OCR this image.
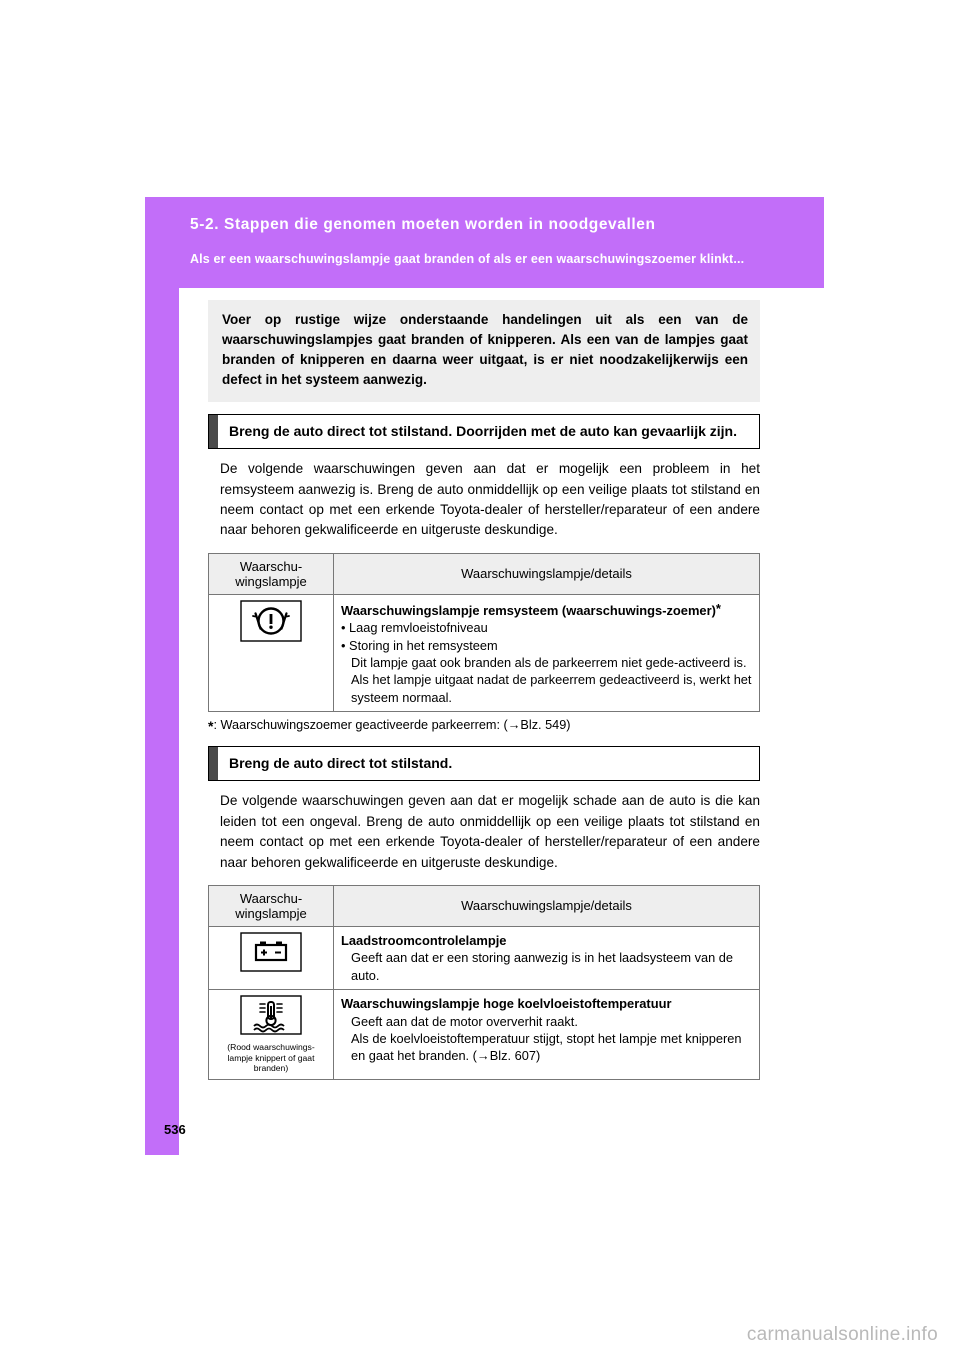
5-2. Stappen die genomen moeten worden in noodgevallen
Als er een waarschuwingslampje gaat branden of als er een waarschuwingszoemer klinkt...

Voer op rustige wijze onderstaande handelingen uit als een van de waarschuwingslampjes gaat branden of knipperen. Als een van de lampjes gaat branden of knipperen en daarna weer uitgaat, is er niet noodzakelijkerwijs een defect in het systeem aanwezig.

Breng de auto direct tot stilstand. Doorrijden met de auto kan gevaarlijk zijn.

De volgende waarschuwingen geven aan dat er mogelijk een probleem in het remsysteem aanwezig is. Breng de auto onmiddellijk op een veilige plaats tot stilstand en neem contact op met een erkende Toyota-dealer of hersteller/reparateur of een andere naar behoren gekwalificeerde en uitgeruste deskundige.
Waarschu-
wingslampje	Waarschuwingslampje/details

Waarschuwingslampje remsysteem (waarschuwings-zoemer)*
• Laag remvloeistofniveau
• Storing in het remsysteem
Dit lampje gaat ook branden als de parkeerrem niet gede-activeerd is. Als het lampje uitgaat nadat de parkeerrem gedeactiveerd is, werkt het systeem normaal.
*: Waarschuwingszoemer geactiveerde parkeerrem: (→Blz. 549)

Breng de auto direct tot stilstand.

De volgende waarschuwingen geven aan dat er mogelijk schade aan de auto is die kan leiden tot een ongeval. Breng de auto onmiddellijk op een veilige plaats tot stilstand en neem contact op met een erkende Toyota-dealer of hersteller/reparateur of een andere naar behoren gekwalificeerde en uitgeruste deskundige.
Waarschu-
wingslampje	Waarschuwingslampje/details

Laadstroomcontrolelampje
Geeft aan dat er een storing aanwezig is in het laadsysteem van de auto.

(Rood waarschuwings-lampje knippert of gaat branden)	Waarschuwingslampje hoge koelvloeistoftemperatuur
Geeft aan dat de motor oververhit raakt.
Als de koelvloeistoftemperatuur stijgt, stopt het lampje met knipperen en gaat het branden. (→Blz. 607)
536
carmanualsonline.info
